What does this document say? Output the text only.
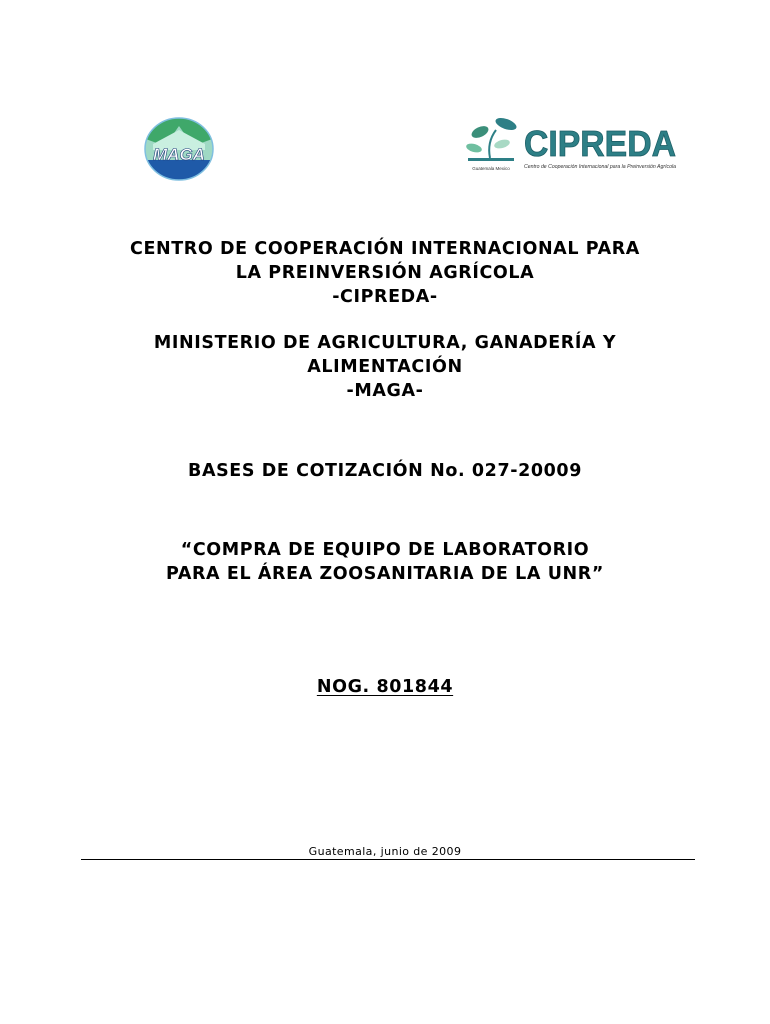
MAGA
Guatemala Mexico
CIPREDA
Centro de Cooperación Internacional para la Preinversión Agrícola
CENTRO DE COOPERACIÓN INTERNACIONAL PARA
LA PREINVERSIÓN AGRÍCOLA
-CIPREDA-
MINISTERIO DE AGRICULTURA, GANADERÍA Y
ALIMENTACIÓN
-MAGA-
BASES DE COTIZACIÓN No. 027-20009
“COMPRA DE EQUIPO DE LABORATORIO
PARA EL ÁREA ZOOSANITARIA DE LA UNR”
NOG. 801844
Guatemala, junio de 2009
